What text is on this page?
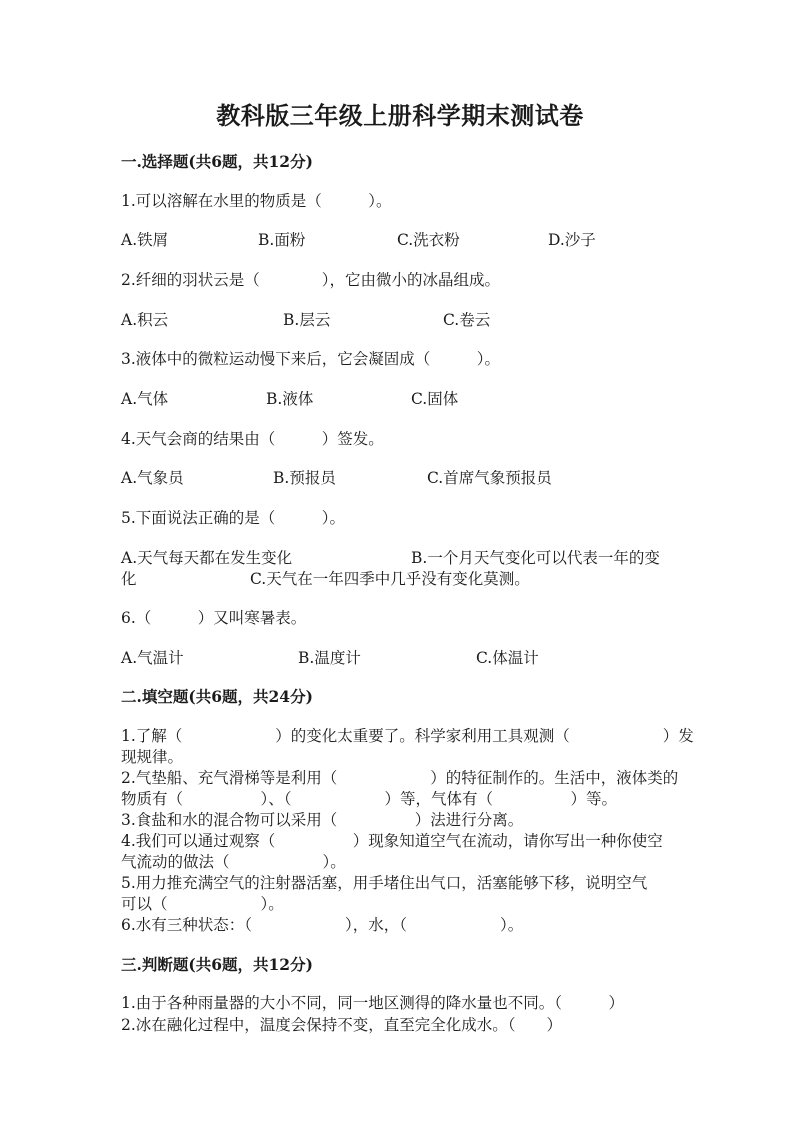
教科版三年级上册科学期末测试卷
一.选择题(共6题，共12分)
1.可以溶解在水里的物质是（　　　）。
A.铁屑	B.面粉	C.洗衣粉	D.沙子
2.纤细的羽状云是（　　　　），它由微小的冰晶组成。
A.积云	B.层云	C.卷云
3.液体中的微粒运动慢下来后，它会凝固成（　　　）。
A.气体	B.液体	C.固体
4.天气会商的结果由（　　　）签发。
A.气象员	B.预报员	C.首席气象预报员
5.下面说法正确的是（　　　）。
A.天气每天都在发生变化	B.一个月天气变化可以代表一年的变
化	C.天气在一年四季中几乎没有变化莫测。
6.（　　　）又叫寒暑表。
A.气温计	B.温度计	C.体温计
二.填空题(共6题，共24分)
1.了解（　　　　　　）的变化太重要了。科学家利用工具观测（　　　　　　）发
现规律。
2.气垫船、充气滑梯等是利用（　　　　　　）的特征制作的。生活中，液体类的
物质有（　　　　　）、（　　　　　　）等，气体有（　　　　　）等。
3.食盐和水的混合物可以采用（　　　　　）法进行分离。
4.我们可以通过观察（　　　　　）现象知道空气在流动，请你写出一种你使空
气流动的做法（　　　　　　）。
5.用力推充满空气的注射器活塞，用手堵住出气口，活塞能够下移，说明空气
可以（　　　　　　）。
6.水有三种状态：（　　　　　　），水，（　　　　　　）。
三.判断题(共6题，共12分)
1.由于各种雨量器的大小不同，同一地区测得的降水量也不同。（　　　）
2.冰在融化过程中，温度会保持不变，直至完全化成水。（　　）
